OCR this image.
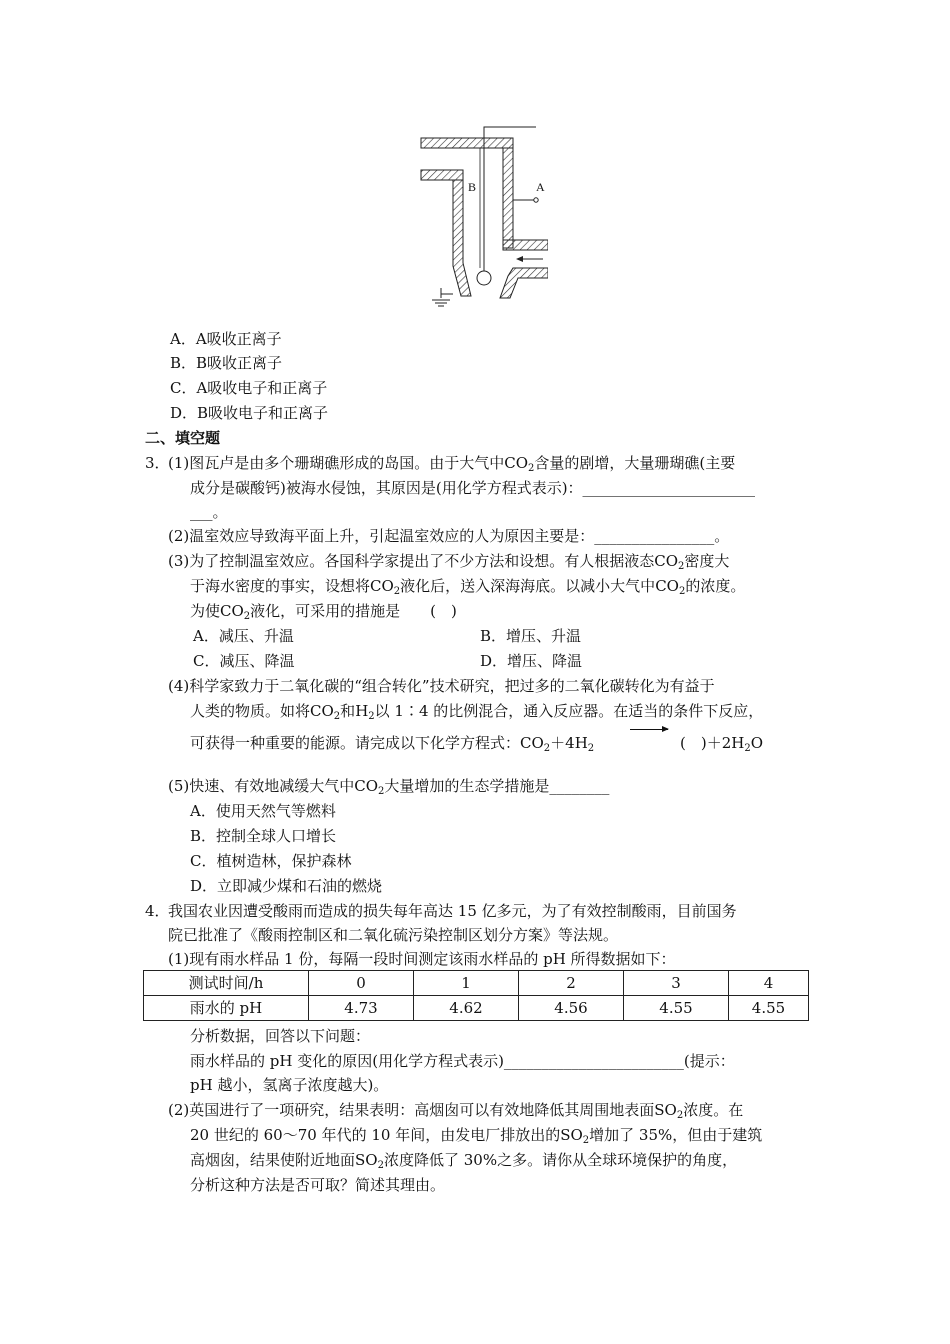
B	A
A．A吸收正离子
B．B吸收正离子
C．A吸收电子和正离子
D．B吸收电子和正离子
二、填空题
3．
(1)图瓦卢是由多个珊瑚礁形成的岛国。由于大气中$CO_2$含量的剧增，大量珊瑚礁(主要
成分是碳酸钙)被海水侵蚀，其原因是(用化学方程式表示)：_______________________
___。
(2)温室效应导致海平面上升，引起温室效应的人为原因主要是：________________。
(3)为了控制温室效应。各国科学家提出了不少方法和设想。有人根据液态$CO_2$密度大
于海水密度的事实，设想将$CO_2$液化后，送入深海海底。以减小大气中$CO_2$的浓度。
为使$CO_2$液化，可采用的措施是　　(　)
A．减压、升温	B．增压、升温
C．减压、降温	D．增压、降温
(4)科学家致力于二氧化碳的“组合转化”技术研究，把过多的二氧化碳转化为有益于
人类的物质。如将$CO_2$和$H_2$以 1∶4 的比例混合，通入反应器。在适当的条件下反应，
可获得一种重要的能源。请完成以下化学方程式：$CO_2+4H_2$	(　)$+2H_2O$
(5)快速、有效地减缓大气中$CO_2$大量增加的生态学措施是________
A．使用天然气等燃料
B．控制全球人口增长
C．植树造林，保护森林
D．立即减少煤和石油的燃烧
4．
我国农业因遭受酸雨而造成的损失每年高达 15 亿多元，为了有效控制酸雨，目前国务
院已批准了《酸雨控制区和二氧化硫污染控制区划分方案》等法规。
(1)现有雨水样品 1 份，每隔一段时间测定该雨水样品的 pH 所得数据如下：
测试时间/h	0	1	2	3	4
雨水的 pH	4.73	4.62	4.56	4.55	4.55
分析数据，回答以下问题：
雨水样品的 pH 变化的原因(用化学方程式表示)________________________(提示：
pH 越小，氢离子浓度越大)。
(2)英国进行了一项研究，结果表明：高烟囱可以有效地降低其周围地表面$SO_2$浓度。在
20 世纪的 60～70 年代的 10 年间，由发电厂排放出的$SO_2$增加了 35%，但由于建筑
高烟囱，结果使附近地面$SO_2$浓度降低了 30%之多。请你从全球环境保护的角度，
分析这种方法是否可取？简述其理由。
